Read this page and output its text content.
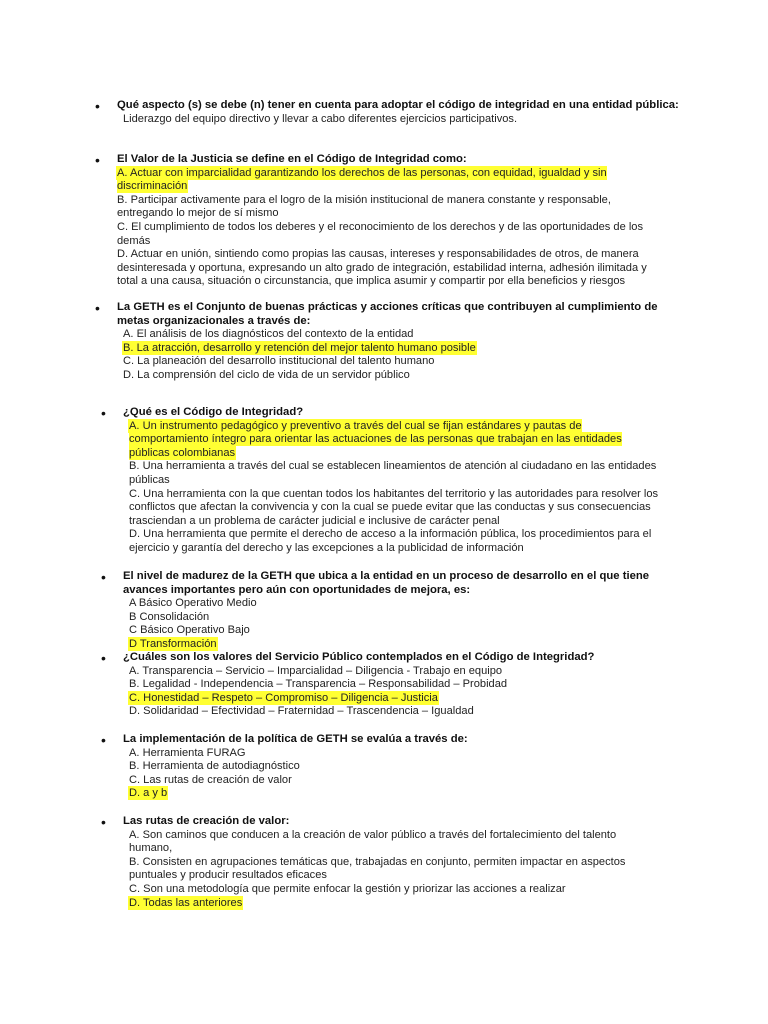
• Qué aspecto (s) se debe (n) tener en cuenta para adoptar el código de integridad en una entidad pública:
Liderazgo del equipo directivo y llevar a cabo diferentes ejercicios participativos.
• El Valor de la Justicia se define en el Código de Integridad como:
A. Actuar con imparcialidad garantizando los derechos de las personas, con equidad, igualdad y sin discriminación
B. Participar activamente para el logro de la misión institucional de manera constante y responsable, entregando lo mejor de sí mismo
C. El cumplimiento de todos los deberes y el reconocimiento de los derechos y de las oportunidades de los demás
D. Actuar en unión, sintiendo como propias las causas, intereses y responsabilidades de otros, de manera desinteresada y oportuna, expresando un alto grado de integración, estabilidad interna, adhesión ilimitada y total a una causa, situación o circunstancia, que implica asumir y compartir por ella beneficios y riesgos
• La GETH es el Conjunto de buenas prácticas y acciones críticas que contribuyen al cumplimiento de metas organizacionales a través de:
A. El análisis de los diagnósticos del contexto de la entidad
B. La atracción, desarrollo y retención del mejor talento humano posible
C. La planeación del desarrollo institucional del talento humano
D. La comprensión del ciclo de vida de un servidor público
• ¿Qué es el Código de Integridad?
A. Un instrumento pedagógico y preventivo a través del cual se fijan estándares y pautas de comportamiento íntegro para orientar las actuaciones de las personas que trabajan en las entidades públicas colombianas
B. Una herramienta a través del cual se establecen lineamientos de atención al ciudadano en las entidades públicas
C. Una herramienta con la que cuentan todos los habitantes del territorio y las autoridades para resolver los conflictos que afectan la convivencia y con la cual se puede evitar que las conductas y sus consecuencias trasciendan a un problema de carácter judicial e inclusive de carácter penal
D. Una herramienta que permite el derecho de acceso a la información pública, los procedimientos para el ejercicio y garantía del derecho y las excepciones a la publicidad de información
• El nivel de madurez de la GETH que ubica a la entidad en un proceso de desarrollo en el que tiene avances importantes pero aún con oportunidades de mejora, es:
A Básico Operativo Medio
B Consolidación
C Básico Operativo Bajo
D Transformación
• ¿Cuáles son los valores del Servicio Público contemplados en el Código de Integridad?
A. Transparencia – Servicio – Imparcialidad – Diligencia - Trabajo en equipo
B. Legalidad - Independencia – Transparencia – Responsabilidad – Probidad
C. Honestidad – Respeto – Compromiso – Diligencia – Justicia
D. Solidaridad – Efectividad – Fraternidad – Trascendencia – Igualdad
• La implementación de la política de GETH se evalúa a través de:
A. Herramienta FURAG
B. Herramienta de autodiagnóstico
C. Las rutas de creación de valor
D. a y b
• Las rutas de creación de valor:
A. Son caminos que conducen a la creación de valor público a través del fortalecimiento del talento humano,
B. Consisten en agrupaciones temáticas que, trabajadas en conjunto, permiten impactar en aspectos puntuales y producir resultados eficaces
C. Son una metodología que permite enfocar la gestión y priorizar las acciones a realizar
D. Todas las anteriores
